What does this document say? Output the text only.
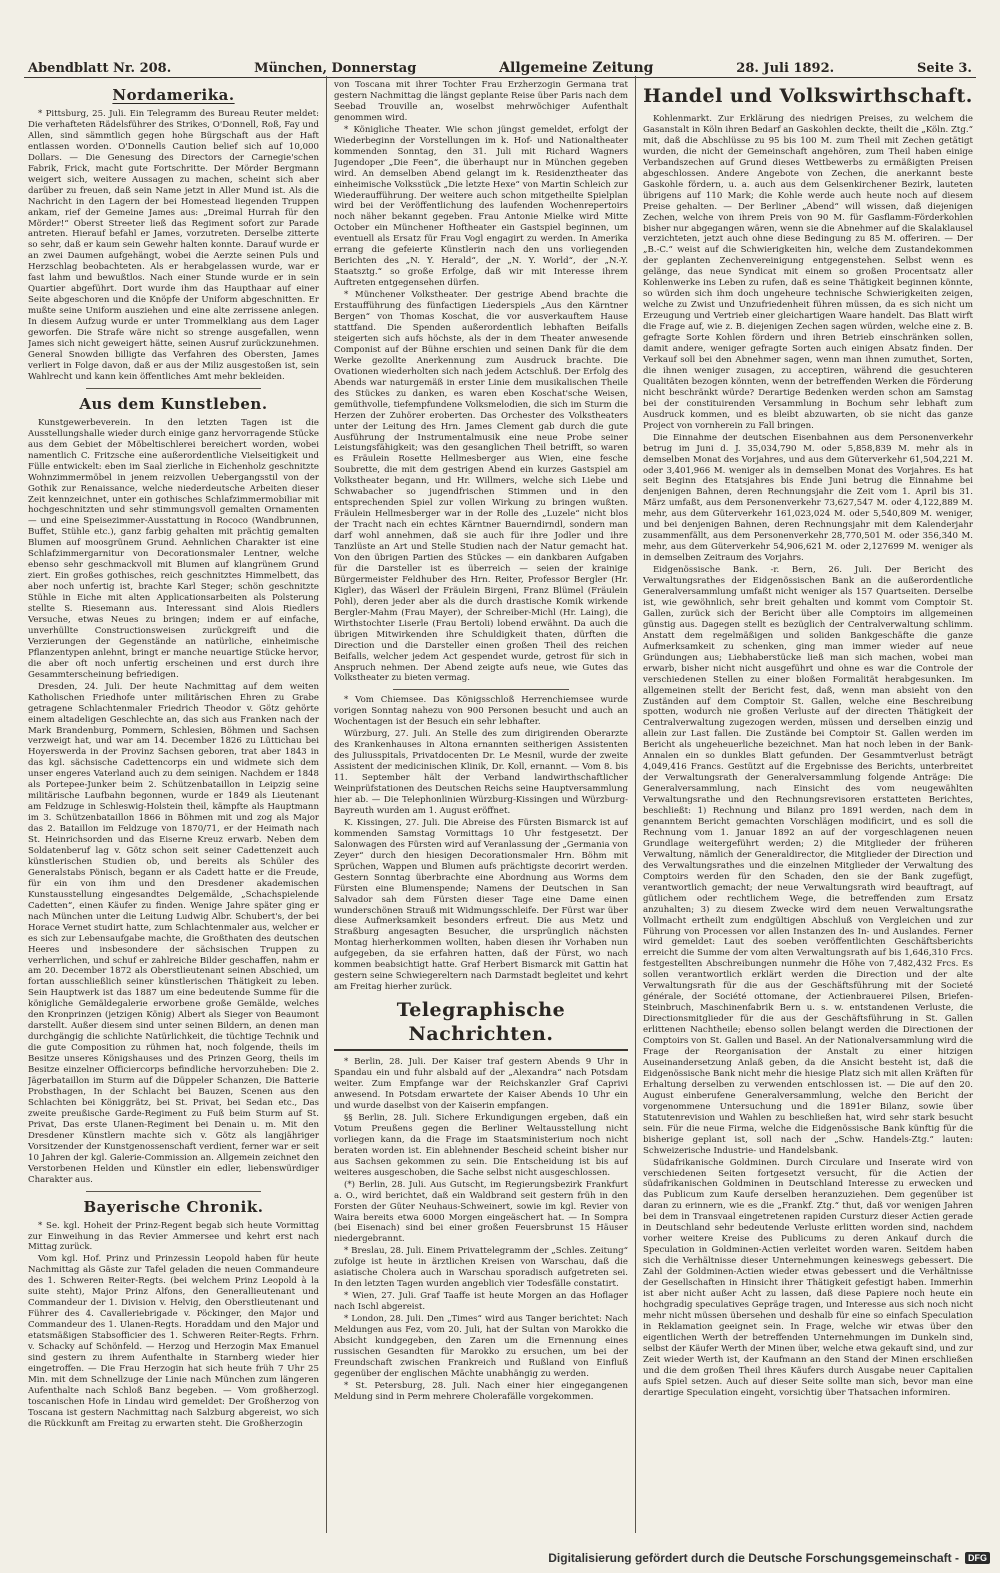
Abendblatt Nr. 208.	München, Donnerstag	Allgemeine Zeitung	28. Juli 1892.	Seite 3.
Nordamerika.

* Pittsburg, 25. Juli. Ein Telegramm des Bureau Reuter meldet: Die verhafteten Rädelsführer des Strikes, O'Donnell, Roß, Fay und Allen, sind sämmtlich gegen hohe Bürgschaft aus der Haft entlassen worden. O'Donnells Caution belief sich auf 10,000 Dollars. — Die Genesung des Directors der Carnegie'schen Fabrik, Frick, macht gute Fortschritte. Der Mörder Bergmann weigert sich, weitere Aussagen zu machen, scheint sich aber darüber zu freuen, daß sein Name jetzt in Aller Mund ist. Als die Nachricht in den Lagern der bei Homestead liegenden Truppen ankam, rief der Gemeine James aus: „Dreimal Hurrah für den Mörder!“ Oberst Streeter ließ das Regiment sofort zur Parade antreten. Hierauf befahl er James, vorzutreten. Derselbe zitterte so sehr, daß er kaum sein Gewehr halten konnte. Darauf wurde er an zwei Daumen aufgehängt, wobei die Aerzte seinen Puls und Herzschlag beobachteten. Als er herabgelassen wurde, war er fast lahm und bewußtlos. Nach einer Stunde wurde er in sein Quartier abgeführt. Dort wurde ihm das Haupthaar auf einer Seite abgeschoren und die Knöpfe der Uniform abgeschnitten. Er mußte seine Uniform ausziehen und eine alte zerrissene anlegen. In diesem Aufzug wurde er unter Trommelklang aus dem Lager geworfen. Die Strafe wäre nicht so strenge ausgefallen, wenn James sich nicht geweigert hätte, seinen Ausruf zurückzunehmen. General Snowden billigte das Verfahren des Obersten, James verliert in Folge davon, daß er aus der Miliz ausgestoßen ist, sein Wahlrecht und kann kein öffentliches Amt mehr bekleiden.

Aus dem Kunstleben.

Kunstgewerbeverein. In den letzten Tagen ist die Ausstellungshalle wieder durch einige ganz hervorragende Stücke aus dem Gebiet der Möbeltischlerei bereichert worden, wobei namentlich C. Fritzsche eine außerordentliche Vielseitigkeit und Fülle entwickelt: eben im Saal zierliche in Eichenholz geschnitzte Wohnzimmermöbel in jenem reizvollen Uebergangsstil von der Gothik zur Renaissance, welche niederdeutsche Arbeiten dieser Zeit kennzeichnet, unter ein gothisches Schlafzimmermobiliar mit hochgeschnitzten und sehr stimmungsvoll gemalten Ornamenten — und eine Speisezimmer-Ausstattung in Rococo (Wandbrunnen, Buffet, Stühle etc.), ganz farbig gehalten mit prächtig gemalten Blumen auf moosgrünem Grund. Aehnlichen Charakter ist eine Schlafzimmergarnitur von Decorationsmaler Lentner, welche ebenso sehr geschmackvoll mit Blumen auf klangrünem Grund ziert. Ein großes gothisches, reich geschnitztes Himmelbett, das aber noch unfertig ist, brachte Karl Steger; schön geschnitzte Stühle in Eiche mit alten Applicationsarbeiten als Polsterung stellte S. Riesemann aus. Interessant sind Alois Riedlers Versuche, etwas Neues zu bringen; indem er auf einfache, unverhüllte Constructionsweisen zurückgreift und die Verzierungen der Gegenstände an natürliche, einheimische Pflanzentypen anlehnt, bringt er manche neuartige Stücke hervor, die aber oft noch unfertig erscheinen und erst durch ihre Gesammterscheinung befriedigen.

Dresden, 24. Juli. Der heute Nachmittag auf dem weiten Katholischen Friedhofe unter militärischen Ehren zu Grabe getragene Schlachtenmaler Friedrich Theodor v. Götz gehörte einem altadeligen Geschlechte an, das sich aus Franken nach der Mark Brandenburg, Pommern, Schlesien, Böhmen und Sachsen verzweigt hat, und war am 14. December 1826 zu Lüttichau bei Hoyerswerda in der Provinz Sachsen geboren, trat aber 1843 in das kgl. sächsische Cadettencorps ein und widmete sich dem unser engeres Vaterland auch zu dem seinigen. Nachdem er 1848 als Portepee-Junker beim 2. Schützenbataillon in Leipzig seine militärische Laufbahn begonnen, wurde er 1849 als Lieutenant am Feldzuge in Schleswig-Holstein theil, kämpfte als Hauptmann im 3. Schützenbataillon 1866 in Böhmen mit und zog als Major das 2. Bataillon im Feldzuge von 1870/71, er der Heimath nach St. Heinrichsorden und das Eiserne Kreuz erwarb. Neben dem Soldatenberuf lag v. Götz schon seit seiner Cadettenzeit auch künstlerischen Studien ob, und bereits als Schüler des Generalstabs Pönisch, begann er als Cadett hatte er die Freude, für ein von ihm und den Dresdener akademischen Kunstausstellung eingesandtes Delgemälde, „Schachspielende Cadetten“, einen Käufer zu finden. Wenige Jahre später ging er nach München unter die Leitung Ludwig Albr. Schubert's, der bei Horace Vernet studirt hatte, zum Schlachtenmaler aus, welcher er es sich zur Lebensaufgabe machte, die Großthaten des deutschen Heeres und insbesondere der sächsischen Truppen zu verherrlichen, und schuf er zahlreiche Bilder geschaffen, nahm er am 20. December 1872 als Oberstlieutenant seinen Abschied, um fortan ausschließlich seiner künstlerischen Thätigkeit zu leben. Sein Hauptwerk ist das 1887 um eine bedeutende Summe für die königliche Gemäldegalerie erworbene große Gemälde, welches den Kronprinzen (jetzigen König) Albert als Sieger von Beaumont darstellt. Außer diesem sind unter seinen Bildern, an denen man durchgängig die schlichte Natürlichkeit, die tüchtige Technik und die gute Composition zu rühmen hat, noch folgende, theils im Besitze unseres Königshauses und des Prinzen Georg, theils im Besitze einzelner Officiercorps befindliche hervorzuheben: Die 2. Jägerbataillon im Sturm auf die Düppeler Schanzen, Die Batterie Probsthagen, In der Schlacht bei Bauzen, Scenen aus den Schlachten bei Königgrätz, bei St. Privat, bei Sedan etc., Das zweite preußische Garde-Regiment zu Fuß beim Sturm auf St. Privat, Das erste Ulanen-Regiment bei Denain u. m. Mit den Dresdener Künstlern machte sich v. Götz als langjähriger Vorsitzender der Kunstgenossenschaft verdient, ferner war er seit 10 Jahren der kgl. Galerie-Commission an. Allgemein zeichnet den Verstorbenen Helden und Künstler ein edler, liebenswürdiger Charakter aus.

Bayerische Chronik.

* Se. kgl. Hoheit der Prinz-Regent begab sich heute Vormittag zur Einweihung in das Revier Ammersee und kehrt erst nach Mittag zurück.

Vom kgl. Hof. Prinz und Prinzessin Leopold haben für heute Nachmittag als Gäste zur Tafel geladen die neuen Commandeure des 1. Schweren Reiter-Regts. (bei welchem Prinz Leopold à la suite steht), Major Prinz Alfons, den Generallieutenant und Commandeur der 1. Division v. Helvig, den Oberstlieutenant und Führer des 4. Cavalleriebrigade v. Pöckinger, den Major und Commandeur des 1. Ulanen-Regts. Horaddam und den Major und etatsmäßigen Stabsofficier des 1. Schweren Reiter-Regts. Frhrn. v. Schacky auf Schönfeld. — Herzog und Herzogin Max Emanuel sind gestern zu ihrem Aufenthalte in Starnberg wieder hier eingetroffen. — Die Frau Herzogin hat sich heute früh 7 Uhr 25 Min. mit dem Schnellzuge der Linie nach München zum längeren Aufenthalte nach Schloß Banz begeben. — Vom großherzogl. toscanischen Hofe in Lindau wird gemeldet: Der Großherzog von Toscana ist gestern Nachmittag nach Salzburg abgereist, wo sich die Rückkunft am Freitag zu erwarten steht. Die Großherzogin

von Toscana mit ihrer Tochter Frau Erzherzogin Germana trat gestern Nachmittag die längst geplante Reise über Paris nach dem Seebad Trouville an, woselbst mehrwöchiger Aufenthalt genommen wird.

* Königliche Theater. Wie schon jüngst gemeldet, erfolgt der Wiederbeginn der Vorstellungen im k. Hof- und Nationaltheater kommenden Sonntag, den 31. Juli mit Richard Wagners Jugendoper „Die Feen“, die überhaupt nur in München gegeben wird. An demselben Abend gelangt im k. Residenztheater das einheimische Volksstück „Die letzte Hexe“ von Martin Schleich zur Wiederaufführung. Der weitere auch schon mitgetheilte Spielplan wird bei der Veröffentlichung des laufenden Wochenrepertoirs noch näher bekannt gegeben. Frau Antonie Mielke wird Mitte October ein Münchener Hoftheater ein Gastspiel beginnen, um eventuell als Ersatz für Frau Vogl engagirt zu werden. In Amerika errang die gefeierte Künstlerin nach den uns vorliegenden Berichten des „N. Y. Herald“, der „N. Y. World“, der „N.-Y. Staatsztg.“ so große Erfolge, daß wir mit Interesse ihrem Auftreten entgegensehen dürfen.

* Münchener Volkstheater. Der gestrige Abend brachte die Erstaufführung des fünfactigen Liederspiels „Aus den Kärntner Bergen“ von Thomas Koschat, die vor ausverkauftem Hause stattfand. Die Spenden außerordentlich lebhaften Beifalls steigerten sich aufs höchste, als der in dem Theater anwesende Componist auf der Bühne erschien und seinen Dank für die dem Werke gezollte Anerkennung zum Ausdruck brachte. Die Ovationen wiederholten sich nach jedem Actschluß. Der Erfolg des Abends war naturgemäß in erster Linie dem musikalischen Theile des Stückes zu danken, es waren eben Koschat'sche Weisen, gemüthvolle, tiefempfundene Volksmelodien, die sich im Sturm die Herzen der Zuhörer eroberten. Das Orchester des Volkstheaters unter der Leitung des Hrn. James Clement gab durch die gute Ausführung der Instrumentalmusik eine neue Probe seiner Leistungsfähigkeit; was den gesanglichen Theil betrifft, so waren es Fräulein Rosette Hellmesberger aus Wien, eine fesche Soubrette, die mit dem gestrigen Abend ein kurzes Gastspiel am Volkstheater begann, und Hr. Willmers, welche sich Liebe und Schwabacher so jugendfrischen Stimmen und in den entsprechenden Spiel zur vollen Wirkung zu bringen wußten. Fräulein Hellmesberger war in der Rolle des „Luzele“ nicht blos der Tracht nach ein echtes Kärntner Bauerndirndl, sondern man darf wohl annehmen, daß sie auch für ihre Jodler und ihre Tanzlüste an Art und Stelle Studien nach der Natur gemacht hat. Von den übrigen Partien des Stückes — ein dankbaren Aufgaben für die Darsteller ist es überreich — seien der krainige Bürgermeister Feldhuber des Hrn. Reiter, Professor Bergler (Hr. Kigler), das Wäserl der Fräulein Birgeni, Franz Blümel (Fräulein Pohl), deren jeder aber als die durch drastische Komik wirkende Bergler-Mahm (Frau Mayer), der Schreiber-Michl (Hr. Laing), die Wirthstochter Liserle (Frau Bertoli) lobend erwähnt. Da auch die übrigen Mitwirkenden ihre Schuldigkeit thaten, dürften die Direction und die Darsteller einen großen Theil des reichen Beifalls, welcher jedem Act gespendet wurde, getrost für sich in Anspruch nehmen. Der Abend zeigte aufs neue, wie Gutes das Volkstheater zu bieten vermag.

* Vom Chiemsee. Das Königsschloß Herrenchiemsee wurde vorigen Sonntag nahezu von 900 Personen besucht und auch an Wochentagen ist der Besuch ein sehr lebhafter.

Würzburg, 27. Juli. An Stelle des zum dirigirenden Oberarzte des Krankenhauses in Altona ernannten seitherigen Assistenten des Juliusspitals, Privatdocenten Dr. Le Mesnil, wurde der zweite Assistent der medicinischen Klinik, Dr. Koll, ernannt. — Vom 8. bis 11. September hält der Verband landwirthschaftlicher Weinprüfstationen des Deutschen Reichs seine Hauptversammlung hier ab. — Die Telephonlinien Würzburg-Kissingen und Würzburg-Bayreuth wurden am 1. August eröffnet.

K. Kissingen, 27. Juli. Die Abreise des Fürsten Bismarck ist auf kommenden Samstag Vormittags 10 Uhr festgesetzt. Der Salonwagen des Fürsten wird auf Veranlassung der „Germania von Zeyer“ durch den hiesigen Decorationsmaler Hrn. Böhm mit Sprüchen, Wappen und Blumen aufs prächtigste decorirt werden. Gestern Sonntag überbrachte eine Abordnung aus Worms dem Fürsten eine Blumenspende; Namens der Deutschen in San Salvador sah dem Fürsten dieser Tage eine Dame einen wunderschönen Strauß mit Widmungsschleife. Der Fürst war über diese Aufmerksamkeit besonders erfreut. Die aus Metz und Straßburg angesagten Besucher, die ursprünglich nächsten Montag hierherkommen wollten, haben diesen ihr Vorhaben nun aufgegeben, da sie erfahren hatten, daß der Fürst, wo nach kommen beabsichtigt hatte. Graf Herbert Bismarck mit Gattin hat gestern seine Schwiegereltern nach Darmstadt begleitet und kehrt am Freitag hierher zurück.

Telegraphische Nachrichten.

* Berlin, 28. Juli. Der Kaiser traf gestern Abends 9 Uhr in Spandau ein und fuhr alsbald auf der „Alexandra“ nach Potsdam weiter. Zum Empfange war der Reichskanzler Graf Caprivi anwesend. In Potsdam erwartete der Kaiser Abends 10 Uhr ein und wurde daselbst von der Kaiserin empfangen.

§§ Berlin, 28. Juli. Sichere Erkundigungen ergeben, daß ein Votum Preußens gegen die Berliner Weltausstellung nicht vorliegen kann, da die Frage im Staatsministerium noch nicht beraten worden ist. Ein ablehnender Bescheid scheint bisher nur aus Sachsen gekommen zu sein. Die Entscheidung ist bis auf weiteres ausgeschoben, die Sache selbst nicht ausgeschlossen.

(*) Berlin, 28. Juli. Aus Gutscht, im Regierungsbezirk Frankfurt a. O., wird berichtet, daß ein Waldbrand seit gestern früh in den Forsten der Güter Neuhaus-Schweinert, sowie im kgl. Revier von Waira bereits etwa 6000 Morgen eingeäschert hat. — In Sompra (bei Eisenach) sind bei einer großen Feuersbrunst 15 Häuser niedergebrannt.

* Breslau, 28. Juli. Einem Privattelegramm der „Schles. Zeitung“ zufolge ist heute in ärztlichen Kreisen von Warschau, daß die asiatische Cholera auch in Warschau sporadisch aufgetreten sei. In den letzten Tagen wurden angeblich vier Todesfälle constatirt.

* Wien, 27. Juli. Graf Taaffe ist heute Morgen an das Hoflager nach Ischl abgereist.

* London, 28. Juli. Den „Times“ wird aus Tanger berichtet: Nach Meldungen aus Fez, vom 20. Juli, hat der Sultan von Marokko die Absicht kundgegeben, den Zaren um die Ernennung eines russischen Gesandten für Marokko zu ersuchen, um bei der Freundschaft zwischen Frankreich und Rußland von Einfluß gegenüber der englischen Mächte unabhängig zu werden.

* St. Petersburg, 28. Juli. Nach einer hier eingegangenen Meldung sind in Perm mehrere Cholerafälle vorgekommen.

Handel und Volkswirthschaft.

Kohlenmarkt. Zur Erklärung des niedrigen Preises, zu welchem die Gasanstalt in Köln ihren Bedarf an Gaskohlen deckte, theilt die „Köln. Ztg.“ mit, daß die Abschlüsse zu 95 bis 100 M. zum Theil mit Zechen getätigt wurden, die nicht der Gemeinschaft angehören, zum Theil haben einige Verbandszechen auf Grund dieses Wettbewerbs zu ermäßigten Preisen abgeschlossen. Andere Angebote von Zechen, die anerkannt beste Gaskohle fördern, u. a. auch aus dem Gelsenkirchener Bezirk, lauteten übrigens auf 110 Mark; die Kohle werde auch heute noch auf diesem Preise gehalten. — Der Berliner „Abend“ will wissen, daß diejenigen Zechen, welche von ihrem Preis von 90 M. für Gasflamm-Förderkohlen bisher nur abgegangen wären, wenn sie die Abnehmer auf die Skalaklausel verzichteten, jetzt auch ohne diese Bedingung zu 85 M. offeriren. — Der „B.-C.“ weist auf die Schwierigkeiten hin, welche dem Zustandekommen der geplanten Zechenvereinigung entgegenstehen. Selbst wenn es gelänge, das neue Syndicat mit einem so großen Procentsatz aller Kohlenwerke ins Leben zu rufen, daß es seine Thätigkeit beginnen könnte, so würden sich ihm doch ungeheure technische Schwierigkeiten zeigen, welche zu Zwist und Unzufriedenheit führen müssen, da es sich nicht um Erzeugung und Vertrieb einer gleichartigen Waare handelt. Das Blatt wirft die Frage auf, wie z. B. diejenigen Zechen sagen würden, welche eine z. B. gefragte Sorte Kohlen fördern und ihren Betrieb einschränken sollen, damit andere, weniger gefragte Sorten auch einigen Absatz finden. Der Verkauf soll bei den Abnehmer sagen, wenn man ihnen zumuthet, Sorten, die ihnen weniger zusagen, zu acceptiren, während die gesuchteren Qualitäten bezogen könnten, wenn der betreffenden Werken die Förderung nicht beschränkt würde? Derartige Bedenken werden schon am Samstag bei der constituirenden Versammlung in Bochum sehr lebhaft zum Ausdruck kommen, und es bleibt abzuwarten, ob sie nicht das ganze Project von vornherein zu Fall bringen.

Die Einnahme der deutschen Eisenbahnen aus dem Personenverkehr betrug im Juni d. J. 35,034,790 M. oder 5,858,839 M. mehr als in demselben Monat des Vorjahres, und aus dem Güterverkehr 61,504,221 M. oder 3,401,966 M. weniger als in demselben Monat des Vorjahres. Es hat seit Beginn des Etatsjahres bis Ende Juni betrug die Einnahme bei denjenigen Bahnen, deren Rechnungsjahr die Zeit vom 1. April bis 31. März umfaßt, aus dem Personenverkehr 73,627,547 M. oder 4,122,889 M. mehr, aus dem Güterverkehr 161,023,024 M. oder 5,540,809 M. weniger, und bei denjenigen Bahnen, deren Rechnungsjahr mit dem Kalenderjahr zusammenfällt, aus dem Personenverkehr 28,770,501 M. oder 356,340 M. mehr, aus dem Güterverkehr 54,906,621 M. oder 2,127699 M. weniger als in demselben Zeitraum des Vorjahrs.

Eidgenössische Bank. -r. Bern, 26. Juli. Der Bericht des Verwaltungsrathes der Eidgenössischen Bank an die außerordentliche Generalversammlung umfaßt nicht weniger als 157 Quartseiten. Derselbe ist, wie gewöhnlich, sehr breit gehalten und kommt vom Comptoir St. Gallen, zurück sich der Bericht über alle Comptoirs im allgemeinen günstig aus. Dagegen stellt es bezüglich der Centralverwaltung schlimm. Anstatt dem regelmäßigen und soliden Bankgeschäfte die ganze Aufmerksamkeit zu schenken, ging man immer wieder auf neue Gründungen aus; Liebhaberstücke ließ man sich machen, wobei man erwarb, bisher nicht nicht ausgeführt und ohne es war die Controle der verschiedenen Stellen zu einer bloßen Formalität herabgesunken. Im allgemeinen stellt der Bericht fest, daß, wenn man absieht von den Zuständen auf dem Comptoir St. Gallen, welche eine Beschreibung spotten, wodurch nie großen Verluste auf der directen Thätigkeit der Centralverwaltung zugezogen werden, müssen und derselben einzig und allein zur Last fallen. Die Zustände bei Comptoir St. Gallen werden im Bericht als ungeheuerliche bezeichnet. Man hat noch leben in der Bank-Annalen ein so dunkles Blatt gefunden. Der Gesammtverlust beträgt 4,049,416 Francs. Gestützt auf die Ergebnisse des Berichts, unterbreitet der Verwaltungsrath der Generalversammlung folgende Anträge: Die Generalversammlung, nach Einsicht des vom neugewählten Verwaltungsrathe und den Rechnungsrevisoren erstatteten Berichtes, beschließt: 1) Rechnung und Bilanz pro 1891 werden, nach dem in genanntem Bericht gemachten Vorschlägen modificirt, und es soll die Rechnung vom 1. Januar 1892 an auf der vorgeschlagenen neuen Grundlage weitergeführt werden; 2) die Mitglieder der früheren Verwaltung, nämlich der Generaldirector, die Mitglieder der Direction und des Verwaltungsrathes und die einzelnen Mitglieder der Verwaltung des Comptoirs werden für den Schaden, den sie der Bank zugefügt, verantwortlich gemacht; der neue Verwaltungsrath wird beauftragt, auf gütlichem oder rechtlichem Wege, die betreffenden zum Ersatz anzuhalten; 3) zu diesem Zwecke wird dem neuen Verwaltungsrathe Vollmacht ertheilt zum endgültigen Abschluß von Vergleichen und zur Führung von Processen vor allen Instanzen des In- und Auslandes. Ferner wird gemeldet: Laut des soeben veröffentlichten Geschäftsberichts erreicht die Summe der vom alten Verwaltungsrath auf bis 1,646,310 Frcs. festgestellten Abschreibungen nunmehr die Höhe von 7,482,432 Frcs. Es sollen verantwortlich erklärt werden die Direction und der alte Verwaltungsrath für die aus der Geschäftsführung mit der Societé générale, der Société ottomane, der Actienbrauerei Pilsen, Briefen-Steinbruch, Maschinenfabrik Bern u. s. w. entstandenen Verluste, die Directionsmitglieder für die aus der Geschäftsführung in St. Gallen erlittenen Nachtheile; ebenso sollen belangt werden die Directionen der Comptoirs von St. Gallen und Basel. An der Nationalversammlung wird die Frage der Reorganisation der Anstalt zu einer hitzigen Auseinandersetzung Anlaß geben, da die Ansicht besteht ist, daß die Eidgenössische Bank nicht mehr die hiesige Platz sich mit allen Kräften für Erhaltung derselben zu verwenden entschlossen ist. — Die auf den 20. August einberufene Generalversammlung, welche den Bericht der vorgenommene Untersuchung und die 1891er Bilanz, sowie über Statutenrevision und Wahlen zu beschließen hat, wird sehr stark besucht sein. Für die neue Firma, welche die Eidgenössische Bank künftig für die bisherige geplant ist, soll nach der „Schw. Handels-Ztg.“ lauten: Schweizerische Industrie- und Handelsbank.

Südafrikanische Goldminen. Durch Circulare und Inserate wird von verschiedenen Seiten fortgesetzt versucht, für die Actien der südafrikanischen Goldminen in Deutschland Interesse zu erwecken und das Publicum zum Kaufe derselben heranzuziehen. Dem gegenüber ist daran zu erinnern, wie es die „Frankf. Ztg.“ thut, daß vor wenigen Jahren bei dem in Transvaal eingetretenen rapiden Cursturz dieser Actien gerade in Deutschland sehr bedeutende Verluste erlitten worden sind, nachdem vorher weitere Kreise des Publicums zu deren Ankauf durch die Speculation in Goldminen-Actien verleitet worden waren. Seitdem haben sich die Verhältnisse dieser Unternehmungen keineswegs gebessert. Die Zahl der Goldminen-Actien wieder etwas gebessert und die Verhältnisse der Gesellschaften in Hinsicht ihrer Thätigkeit gefestigt haben. Immerhin ist aber nicht außer Acht zu lassen, daß diese Papiere noch heute ein hochgradig speculatives Gepräge tragen, und Interesse aus sich noch nicht mehr nicht müssen übersehen und deshalb für eine so einfach Speculation in Reklamation geeignet sein. In Frage, welche wir etwas über den eigentlichen Werth der betreffenden Unternehmungen im Dunkeln sind, selbst der Käufer Werth der Minen über, welche etwa gekauft sind, und zur Zeit wieder Werth ist, der Kaufmann an den Stand der Minen erschließen und die dem großen Theil ihres Käufers durch Ausgabe neuer Capitalien aufs Spiel setzen. Auch auf dieser Seite sollte man sich, bevor man eine derartige Speculation eingeht, vorsichtig über Thatsachen informiren.

Digitalisierung gefördert durch die Deutsche Forschungsgemeinschaft -	DFG
